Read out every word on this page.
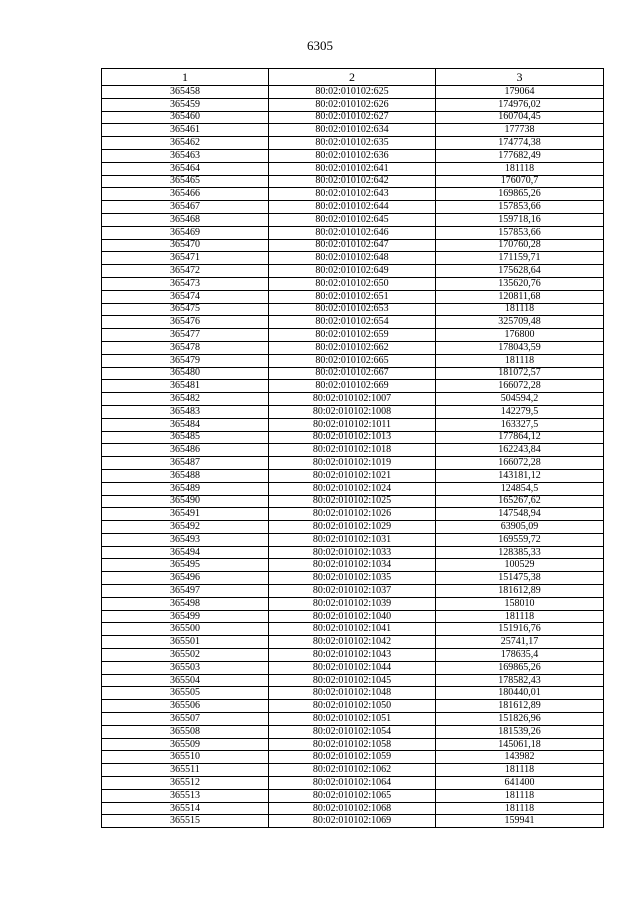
6305
1	2	3
365458	80:02:010102:625	179064
365459	80:02:010102:626	174976,02
365460	80:02:010102:627	160704,45
365461	80:02:010102:634	177738
365462	80:02:010102:635	174774,38
365463	80:02:010102:636	177682,49
365464	80:02:010102:641	181118
365465	80:02:010102:642	176070,7
365466	80:02:010102:643	169865,26
365467	80:02:010102:644	157853,66
365468	80:02:010102:645	159718,16
365469	80:02:010102:646	157853,66
365470	80:02:010102:647	170760,28
365471	80:02:010102:648	171159,71
365472	80:02:010102:649	175628,64
365473	80:02:010102:650	135620,76
365474	80:02:010102:651	120811,68
365475	80:02:010102:653	181118
365476	80:02:010102:654	325709,48
365477	80:02:010102:659	176800
365478	80:02:010102:662	178043,59
365479	80:02:010102:665	181118
365480	80:02:010102:667	181072,57
365481	80:02:010102:669	166072,28
365482	80:02:010102:1007	504594,2
365483	80:02:010102:1008	142279,5
365484	80:02:010102:1011	163327,5
365485	80:02:010102:1013	177864,12
365486	80:02:010102:1018	162243,84
365487	80:02:010102:1019	166072,28
365488	80:02:010102:1021	143181,12
365489	80:02:010102:1024	124854,5
365490	80:02:010102:1025	165267,62
365491	80:02:010102:1026	147548,94
365492	80:02:010102:1029	63905,09
365493	80:02:010102:1031	169559,72
365494	80:02:010102:1033	128385,33
365495	80:02:010102:1034	100529
365496	80:02:010102:1035	151475,38
365497	80:02:010102:1037	181612,89
365498	80:02:010102:1039	158010
365499	80:02:010102:1040	181118
365500	80:02:010102:1041	151916,76
365501	80:02:010102:1042	25741,17
365502	80:02:010102:1043	178635,4
365503	80:02:010102:1044	169865,26
365504	80:02:010102:1045	178582,43
365505	80:02:010102:1048	180440,01
365506	80:02:010102:1050	181612,89
365507	80:02:010102:1051	151826,96
365508	80:02:010102:1054	181539,26
365509	80:02:010102:1058	145061,18
365510	80:02:010102:1059	143982
365511	80:02:010102:1062	181118
365512	80:02:010102:1064	641400
365513	80:02:010102:1065	181118
365514	80:02:010102:1068	181118
365515	80:02:010102:1069	159941
